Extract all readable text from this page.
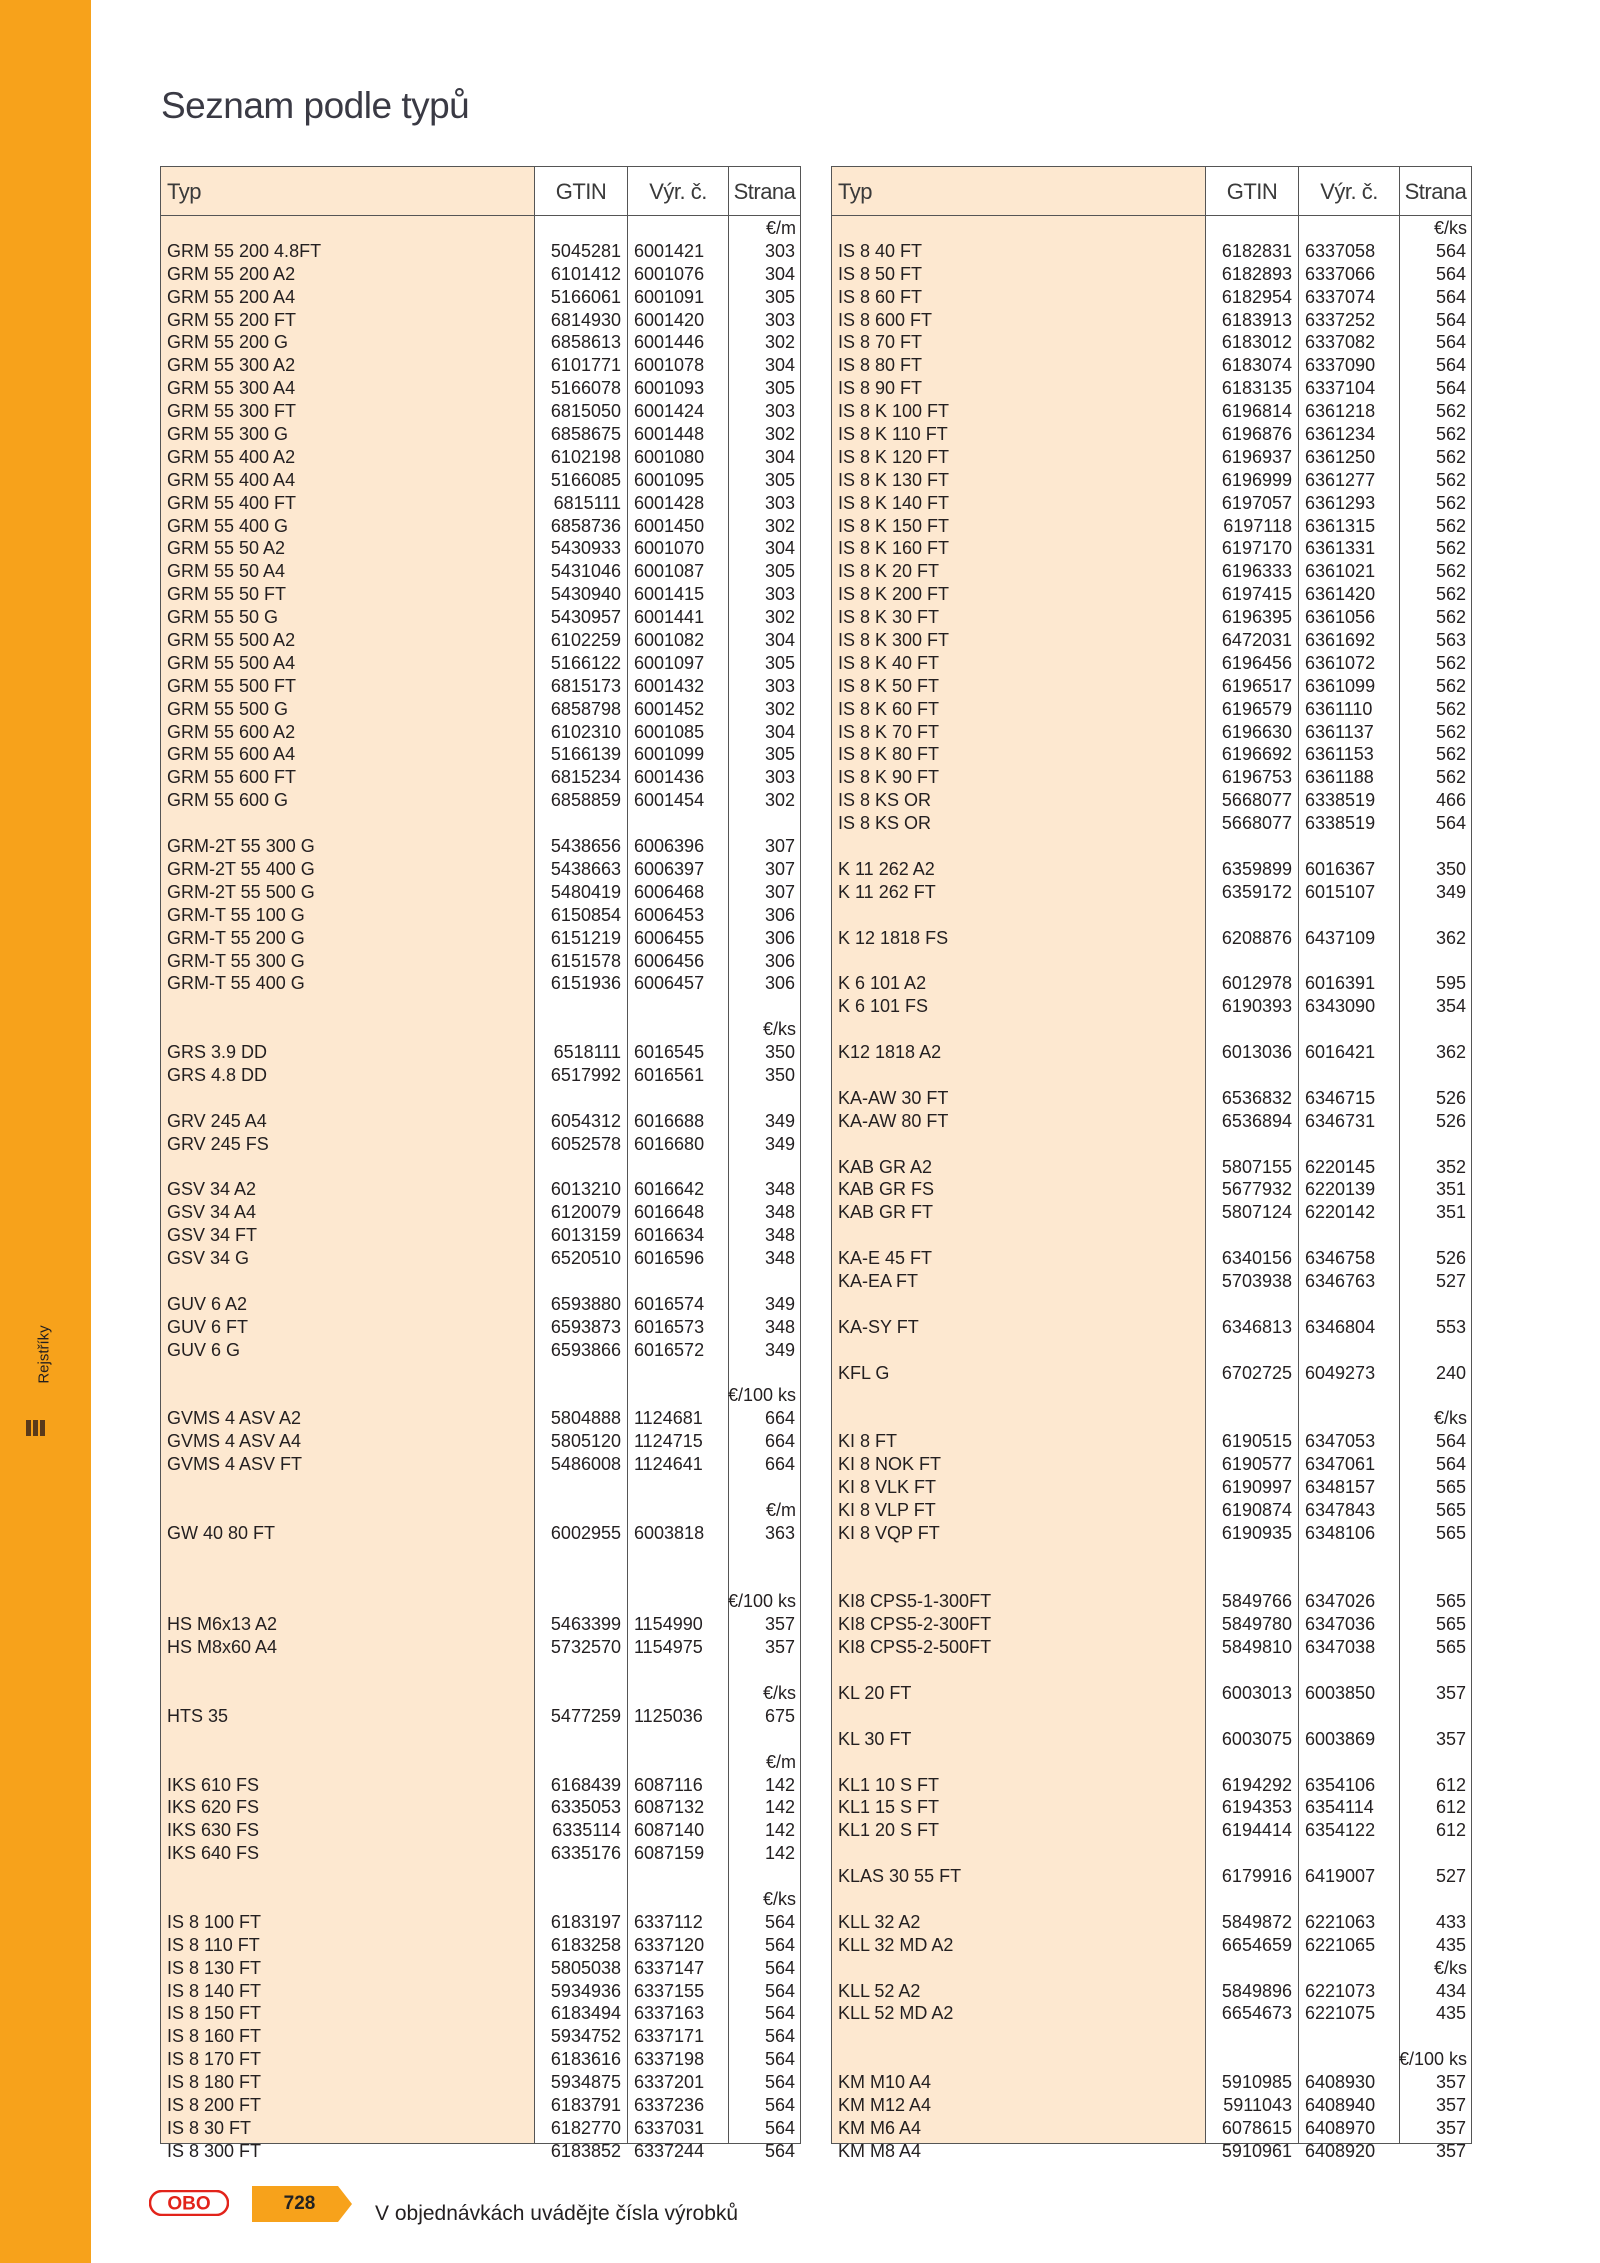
Rejstříky
Seznam podle typů
Typ	GTIN	Výr. č.	Strana
€/m
GRM 55 200 4.8FT	5045281 6001421	303
GRM 55 200 A2	6101412 6001076	304
GRM 55 200 A4	5166061 6001091	305
GRM 55 200 FT	6814930 6001420	303
GRM 55 200 G	6858613 6001446	302
GRM 55 300 A2	6101771 6001078	304
GRM 55 300 A4	5166078 6001093	305
GRM 55 300 FT	6815050 6001424	303
GRM 55 300 G	6858675 6001448	302
GRM 55 400 A2	6102198 6001080	304
GRM 55 400 A4	5166085 6001095	305
GRM 55 400 FT	6815111 6001428	303
GRM 55 400 G	6858736 6001450	302
GRM 55 50 A2	5430933 6001070	304
GRM 55 50 A4	5431046 6001087	305
GRM 55 50 FT	5430940 6001415	303
GRM 55 50 G	5430957 6001441	302
GRM 55 500 A2	6102259 6001082	304
GRM 55 500 A4	5166122 6001097	305
GRM 55 500 FT	6815173 6001432	303
GRM 55 500 G	6858798 6001452	302
GRM 55 600 A2	6102310 6001085	304
GRM 55 600 A4	5166139 6001099	305
GRM 55 600 FT	6815234 6001436	303
GRM 55 600 G	6858859 6001454	302
GRM-2T 55 300 G	5438656 6006396	307
GRM-2T 55 400 G	5438663 6006397	307
GRM-2T 55 500 G	5480419 6006468	307
GRM-T 55 100 G	6150854 6006453	306
GRM-T 55 200 G	6151219 6006455	306
GRM-T 55 300 G	6151578 6006456	306
GRM-T 55 400 G	6151936 6006457	306
€/ks
GRS 3.9 DD	6518111 6016545	350
GRS 4.8 DD	6517992 6016561	350
GRV 245 A4	6054312 6016688	349
GRV 245 FS	6052578 6016680	349
GSV 34 A2	6013210 6016642	348
GSV 34 A4	6120079 6016648	348
GSV 34 FT	6013159 6016634	348
GSV 34 G	6520510 6016596	348
GUV 6 A2	6593880 6016574	349
GUV 6 FT	6593873 6016573	348
GUV 6 G	6593866 6016572	349
€/100 ks
GVMS 4 ASV A2	5804888 1124681	664
GVMS 4 ASV A4	5805120 1124715	664
GVMS 4 ASV FT	5486008 1124641	664
€/m
GW 40 80 FT	6002955 6003818	363
€/100 ks
HS M6x13 A2	5463399 1154990	357
HS M8x60 A4	5732570 1154975	357
€/ks
HTS 35	5477259 1125036	675
€/m
IKS 610 FS	6168439 6087116	142
IKS 620 FS	6335053 6087132	142
IKS 630 FS	6335114 6087140	142
IKS 640 FS	6335176 6087159	142
€/ks
IS 8 100 FT	6183197 6337112	564
IS 8 110 FT	6183258 6337120	564
IS 8 130 FT	5805038 6337147	564
IS 8 140 FT	5934936 6337155	564
IS 8 150 FT	6183494 6337163	564
IS 8 160 FT	5934752 6337171	564
IS 8 170 FT	6183616 6337198	564
IS 8 180 FT	5934875 6337201	564
IS 8 200 FT	6183791 6337236	564
IS 8 30 FT	6182770 6337031	564
IS 8 300 FT	6183852 6337244	564
Typ	GTIN	Výr. č.	Strana
€/ks
IS 8 40 FT	6182831 6337058	564
IS 8 50 FT	6182893 6337066	564
IS 8 60 FT	6182954 6337074	564
IS 8 600 FT	6183913 6337252	564
IS 8 70 FT	6183012 6337082	564
IS 8 80 FT	6183074 6337090	564
IS 8 90 FT	6183135 6337104	564
IS 8 K 100 FT	6196814 6361218	562
IS 8 K 110 FT	6196876 6361234	562
IS 8 K 120 FT	6196937 6361250	562
IS 8 K 130 FT	6196999 6361277	562
IS 8 K 140 FT	6197057 6361293	562
IS 8 K 150 FT	6197118 6361315	562
IS 8 K 160 FT	6197170 6361331	562
IS 8 K 20 FT	6196333 6361021	562
IS 8 K 200 FT	6197415 6361420	562
IS 8 K 30 FT	6196395 6361056	562
IS 8 K 300 FT	6472031 6361692	563
IS 8 K 40 FT	6196456 6361072	562
IS 8 K 50 FT	6196517 6361099	562
IS 8 K 60 FT	6196579 6361110	562
IS 8 K 70 FT	6196630 6361137	562
IS 8 K 80 FT	6196692 6361153	562
IS 8 K 90 FT	6196753 6361188	562
IS 8 KS OR	5668077 6338519	466
IS 8 KS OR	5668077 6338519	564
K 11 262 A2	6359899 6016367	350
K 11 262 FT	6359172 6015107	349
K 12 1818 FS	6208876 6437109	362
K 6 101 A2	6012978 6016391	595
K 6 101 FS	6190393 6343090	354
K12 1818 A2	6013036 6016421	362
KA-AW 30 FT	6536832 6346715	526
KA-AW 80 FT	6536894 6346731	526
KAB GR A2	5807155 6220145	352
KAB GR FS	5677932 6220139	351
KAB GR FT	5807124 6220142	351
KA-E 45 FT	6340156 6346758	526
KA-EA FT	5703938 6346763	527
KA-SY FT	6346813 6346804	553
KFL G	6702725 6049273	240
€/ks
KI 8 FT	6190515 6347053	564
KI 8 NOK FT	6190577 6347061	564
KI 8 VLK FT	6190997 6348157	565
KI 8 VLP FT	6190874 6347843	565
KI 8 VQP FT	6190935 6348106	565
KI8 CPS5-1-300FT	5849766 6347026	565
KI8 CPS5-2-300FT	5849780 6347036	565
KI8 CPS5-2-500FT	5849810 6347038	565
KL 20 FT	6003013 6003850	357
KL 30 FT	6003075 6003869	357
KL1 10 S FT	6194292 6354106	612
KL1 15 S FT	6194353 6354114	612
KL1 20 S FT	6194414 6354122	612
KLAS 30 55 FT	6179916 6419007	527
KLL 32 A2	5849872 6221063	433
KLL 32 MD A2	6654659 6221065	435
€/ks
KLL 52 A2	5849896 6221073	434
KLL 52 MD A2	6654673 6221075	435
€/100 ks
KM M10 A4	5910985 6408930	357
KM M12 A4	5911043 6408940	357
KM M6 A4	6078615 6408970	357
KM M8 A4	5910961 6408920	357
OBO	728	V objednávkách uvádějte čísla výrobků
